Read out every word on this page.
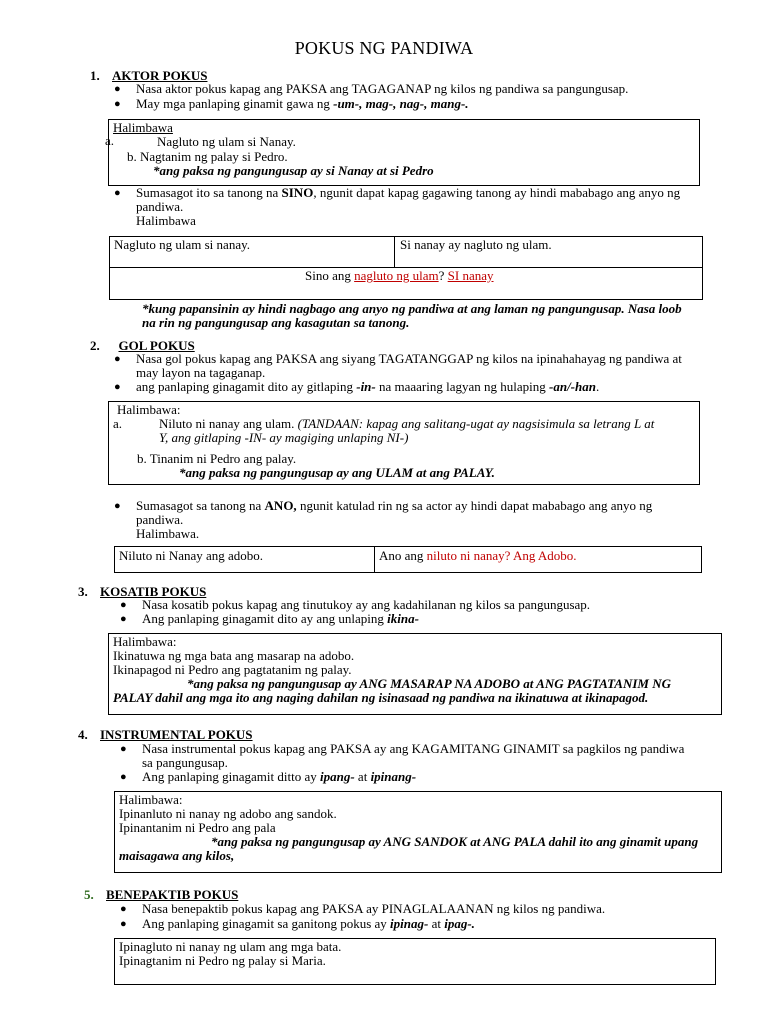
POKUS NG PANDIWA
1. AKTOR POKUS
● Nasa aktor pokus kapag ang PAKSA ang TAGAGANAP ng kilos ng pandiwa sa pangungusap.
● May mga panlaping ginamit gawa ng -um-, mag-, nag-, mang-.
Halimbawa
a.	Nagluto ng ulam si Nanay.
b. Nagtanim ng palay si Pedro.
*ang paksa ng pangungusap ay si Nanay at si Pedro
● Sumasagot ito sa tanong na SINO, ngunit dapat kapag gagawing tanong ay hindi mababago ang anyo ng
pandiwa.
Halimbawa
Nagluto ng ulam si nanay.	Si nanay ay nagluto ng ulam.
Sino ang nagluto ng ulam? SI nanay
*kung papansinin ay hindi nagbago ang anyo ng pandiwa at ang laman ng pangungusap. Nasa loob
na rin ng pangungusap ang kasagutan sa tanong.
2. GOL POKUS
● Nasa gol pokus kapag ang PAKSA ang siyang TAGATANGGAP ng kilos na ipinahahayag ng pandiwa at
may layon na tagaganap.
● ang panlaping ginagamit dito ay gitlaping -in- na maaaring lagyan ng hulaping -an/-han.
Halimbawa:
a.	Niluto ni nanay ang ulam. (TANDAAN: kapag ang salitang-ugat ay nagsisimula sa letrang L at
Y, ang gitlaping -IN- ay magiging unlaping NI-)
b. Tinanim ni Pedro ang palay.
*ang paksa ng pangungusap ay ang ULAM at ang PALAY.
● Sumasagot sa tanong na ANO, ngunit katulad rin ng sa actor ay hindi dapat mababago ang anyo ng
pandiwa.
Halimbawa.
Niluto ni Nanay ang adobo.	Ano ang niluto ni nanay? Ang Adobo.
3. KOSATIB POKUS
● Nasa kosatib pokus kapag ang tinutukoy ay ang kadahilanan ng kilos sa pangungusap.
● Ang panlaping ginagamit dito ay ang unlaping ikina-
Halimbawa:
Ikinatuwa ng mga bata ang masarap na adobo.
Ikinapagod ni Pedro ang pagtatanim ng palay.
*ang paksa ng pangungusap ay ANG MASARAP NA ADOBO at ANG PAGTATANIM NG
PALAY dahil ang mga ito ang naging dahilan ng isinasaad ng pandiwa na ikinatuwa at ikinapagod.
4. INSTRUMENTAL POKUS
● Nasa instrumental pokus kapag ang PAKSA ay ang KAGAMITANG GINAMIT sa pagkilos ng pandiwa
sa pangungusap.
● Ang panlaping ginagamit ditto ay ipang- at ipinang-
Halimbawa:
Ipinanluto ni nanay ng adobo ang sandok.
Ipinantanim ni Pedro ang pala
*ang paksa ng pangungusap ay ANG SANDOK at ANG PALA dahil ito ang ginamit upang
maisagawa ang kilos,
5. BENEPAKTIB POKUS
● Nasa benepaktib pokus kapag ang PAKSA ay PINAGLALAANAN ng kilos ng pandiwa.
● Ang panlaping ginagamit sa ganitong pokus ay ipinag- at ipag-.
Ipinagluto ni nanay ng ulam ang mga bata.
Ipinagtanim ni Pedro ng palay si Maria.
